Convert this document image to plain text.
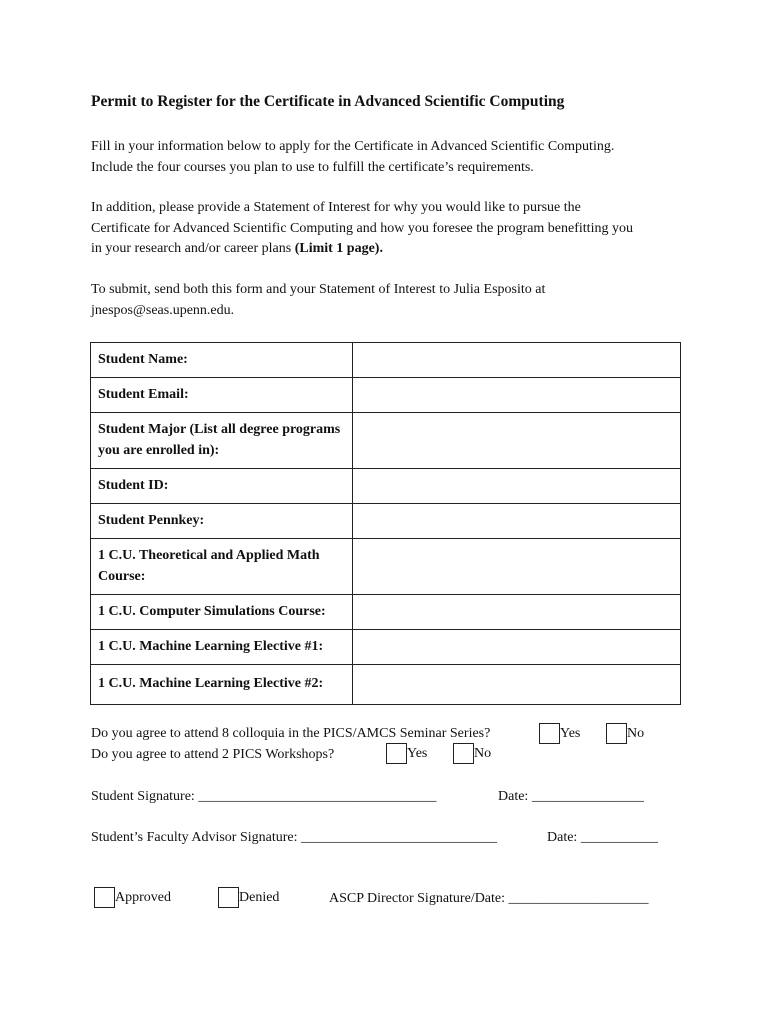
Permit to Register for the Certificate in Advanced Scientific Computing
Fill in your information below to apply for the Certificate in Advanced Scientific Computing.
Include the four courses you plan to use to fulfill the certificate’s requirements.
In addition, please provide a Statement of Interest for why you would like to pursue the
Certificate for Advanced Scientific Computing and how you foresee the program benefitting you
in your research and/or career plans (Limit 1 page).
To submit, send both this form and your Statement of Interest to Julia Esposito at
jnespos@seas.upenn.edu.
Student Name:	
Student Email:	
Student Major (List all degree programs you are enrolled in):	
Student ID:	
Student Pennkey:	
1 C.U. Theoretical and Applied Math Course:	
1 C.U. Computer Simulations Course:	
1 C.U. Machine Learning Elective #1:	
1 C.U. Machine Learning Elective #2:	
Do you agree to attend 8 colloquia in the PICS/AMCS Seminar Series?	Yes	No
Do you agree to attend 2 PICS Workshops?	Yes	No
Student Signature: __________________________________	Date: ________________
Student’s Faculty Advisor Signature: ____________________________	Date: ___________
Approved	Denied	ASCP Director Signature/Date: ____________________
